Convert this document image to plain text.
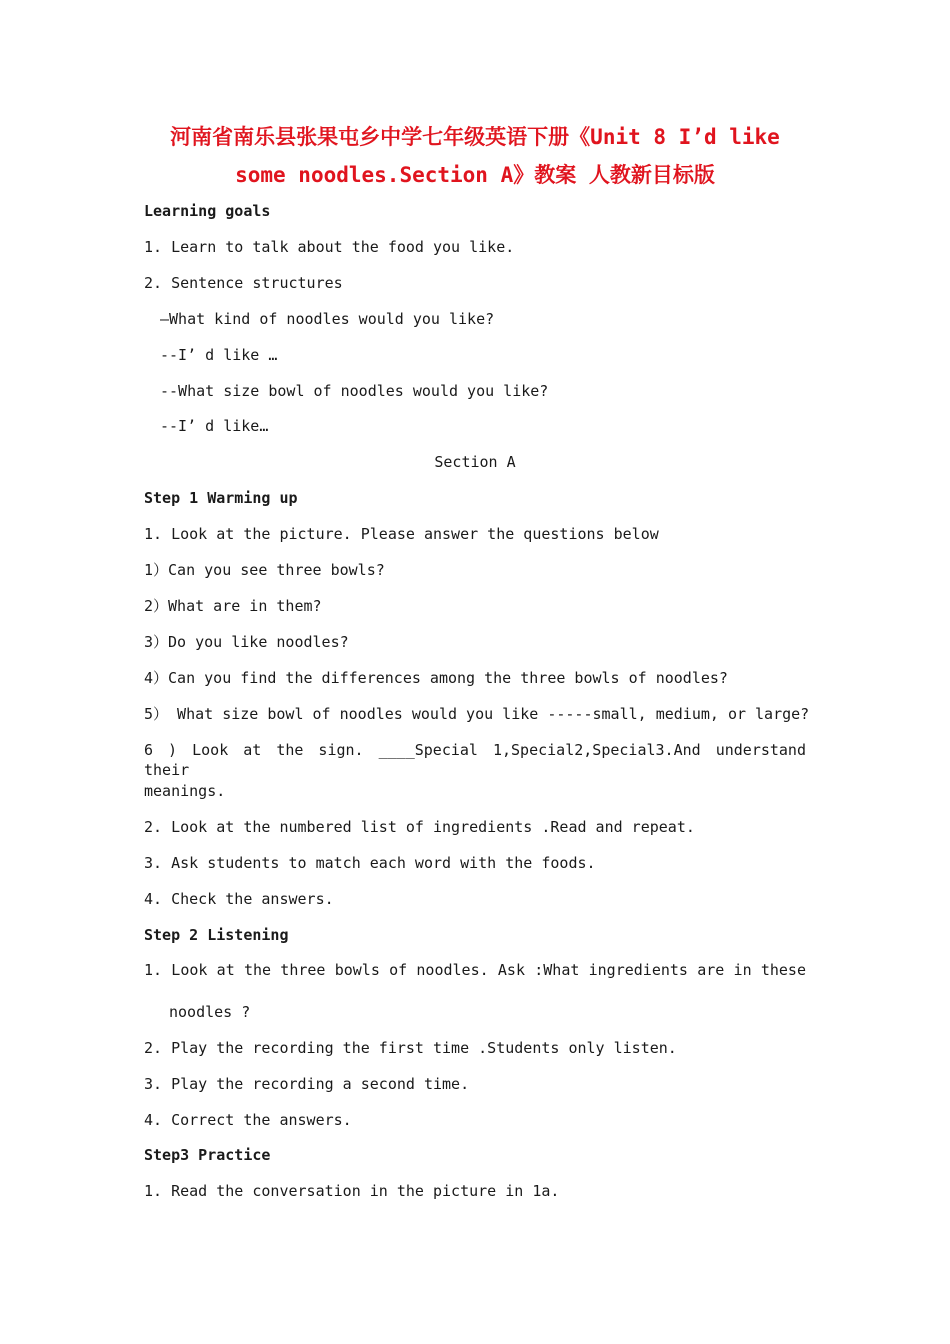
河南省南乐县张果屯乡中学七年级英语下册《Unit 8 I’d like
some noodles.Section A》教案 人教新目标版
Learning goals
1. Learn to talk about the food you like.
2. Sentence structures
—What kind of noodles would you like?
--I’ d like …
--What size bowl of noodles would you like?
--I’ d like…
Section A
Step 1 Warming up
1. Look at the picture. Please answer the questions below
1）Can you see three bowls?
2）What are in them?
3）Do you like noodles?
4）Can you find the differences among the three bowls of noodles?
5） What size bowl of noodles would you like -----small, medium, or large?
6 ) Look at the sign. ____Special 1,Special2,Special3.And understand their
meanings.
2. Look at the numbered list of ingredients .Read and repeat.
3. Ask students to match each word with the foods.
4. Check the answers.
Step 2 Listening
1. Look at the three bowls of noodles. Ask :What ingredients are in these
noodles ?
2. Play the recording the first time .Students only listen.
3. Play the recording a second time.
4. Correct the answers.
Step3 Practice
1. Read the conversation in the picture in 1a.
